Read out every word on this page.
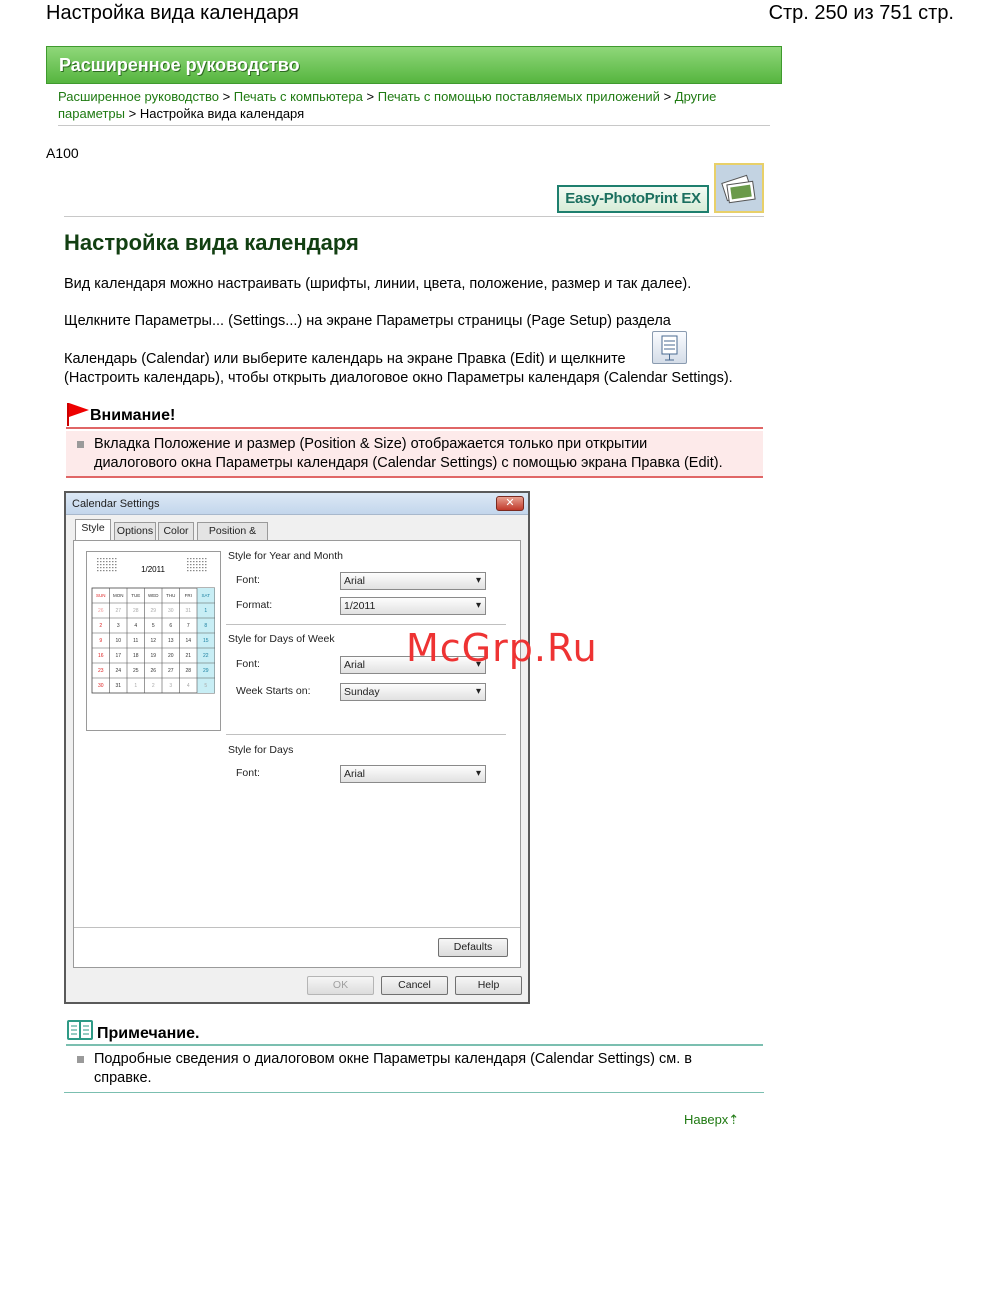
Настройка вида календаря	Стр. 250 из 751 стр.
Расширенное руководство
Расширенное руководство > Печать с компьютера > Печать с помощью поставляемых приложений > Другие параметры > Настройка вида календаря
A100
Easy-PhotoPrint EX
Настройка вида календаря
Вид календаря можно настраивать (шрифты, линии, цвета, положение, размер и так далее).
Щелкните Параметры... (Settings...) на экране Параметры страницы (Page Setup) раздела
Календарь (Calendar) или выберите календарь на экране Правка (Edit) и щелкните
(Настроить календарь), чтобы открыть диалоговое окно Параметры календаря (Calendar Settings).
Внимание!
Вкладка Положение и размер (Position & Size) отображается только при открытии
диалогового окна Параметры календаря (Calendar Settings) с помощью экрана Правка (Edit).
Calendar Settings	✕
Style	Options Color	Position &
1/2011
SUN MON TUE WED THU FRI SAT
26 27 28 29 30 31	1
2	3	4	5	6	7	8
9	10 11 12 13 14 15
16 17 18 19 20 21 22
23 24 25 26 27 28 29
30 31	1	2	3	4	5
Style for Year and Month
Font:	Arial ▾
Format:	1/2011 ▾
Style for Days of Week
Font:	Arial ▾
Week Starts on:	Sunday ▾
Style for Days
Font:	Arial ▾
Defaults
OK	Cancel	Help
McGrp.Ru
Примечание.
Подробные сведения о диалоговом окне Параметры календаря (Calendar Settings) см. в
справке.
Наверх⇡
